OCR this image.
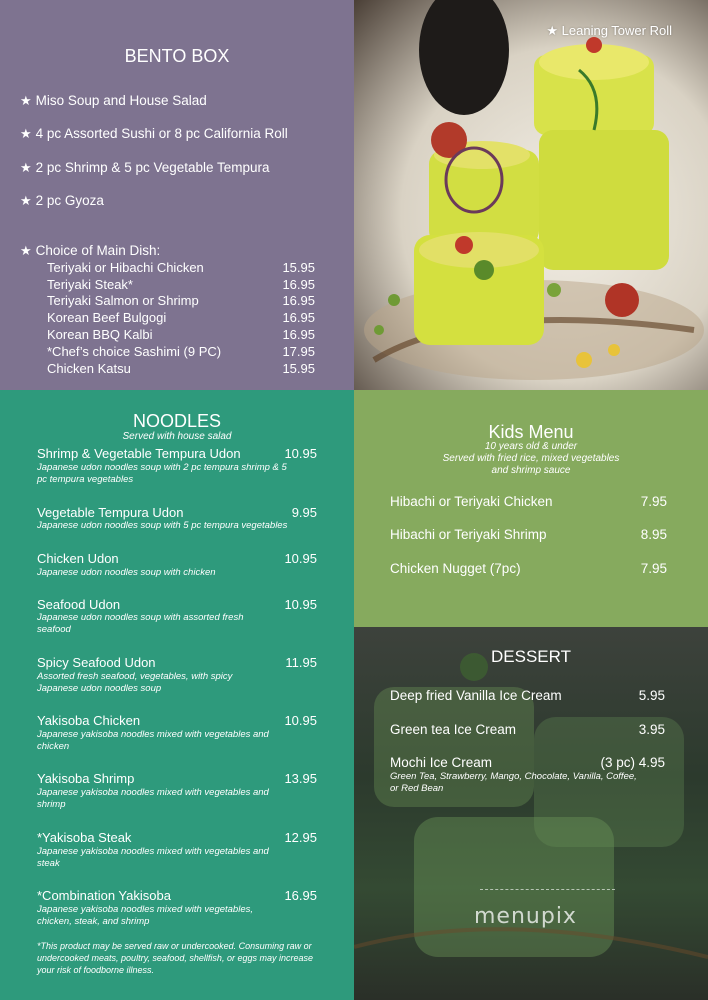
BENTO BOX
★ Miso Soup and House Salad
★ 4 pc Assorted Sushi or 8 pc California Roll
★ 2 pc Shrimp & 5 pc Vegetable Tempura
★ 2 pc Gyoza
★ Choice of Main Dish:
Teriyaki or Hibachi Chicken	15.95
Teriyaki Steak*	16.95
Teriyaki Salmon or Shrimp	16.95
Korean Beef Bulgogi	16.95
Korean BBQ Kalbi	16.95
*Chef’s choice Sashimi (9 PC)	17.95
Chicken Katsu	15.95
★ Leaning Tower Roll
NOODLES
Served with house salad
Shrimp & Vegetable Tempura Udon	10.95
Japanese udon noodles soup with 2 pc tempura shrimp & 5 pc tempura vegetables
Vegetable Tempura Udon	9.95
Japanese udon noodles soup with 5 pc tempura vegetables
Chicken Udon	10.95
Japanese udon noodles soup with chicken
Seafood Udon	10.95
Japanese udon noodles soup with assorted fresh seafood
Spicy Seafood Udon	11.95
Assorted fresh seafood, vegetables, with spicy Japanese udon noodles soup
Yakisoba Chicken	10.95
Japanese yakisoba noodles mixed with vegetables and chicken
Yakisoba Shrimp	13.95
Japanese yakisoba noodles mixed with vegetables and shrimp
*Yakisoba Steak	12.95
Japanese yakisoba noodles mixed with vegetables and steak
*Combination Yakisoba	16.95
Japanese yakisoba noodles mixed with vegetables, chicken, steak, and shrimp
*This product may be served raw or undercooked. Consuming raw or undercooked meats, poultry, seafood, shellfish, or eggs may increase your risk of foodborne illness.
Kids Menu
10 years old & under
Served with fried rice, mixed vegetables
and shrimp sauce
Hibachi or Teriyaki Chicken	7.95
Hibachi or Teriyaki Shrimp	8.95
Chicken Nugget (7pc)	7.95
DESSERT
Deep fried Vanilla Ice Cream	5.95
Green tea Ice Cream	3.95
Mochi Ice Cream	(3 pc) 4.95
Green Tea, Strawberry, Mango, Chocolate, Vanilla, Coffee, or Red Bean
menupix
